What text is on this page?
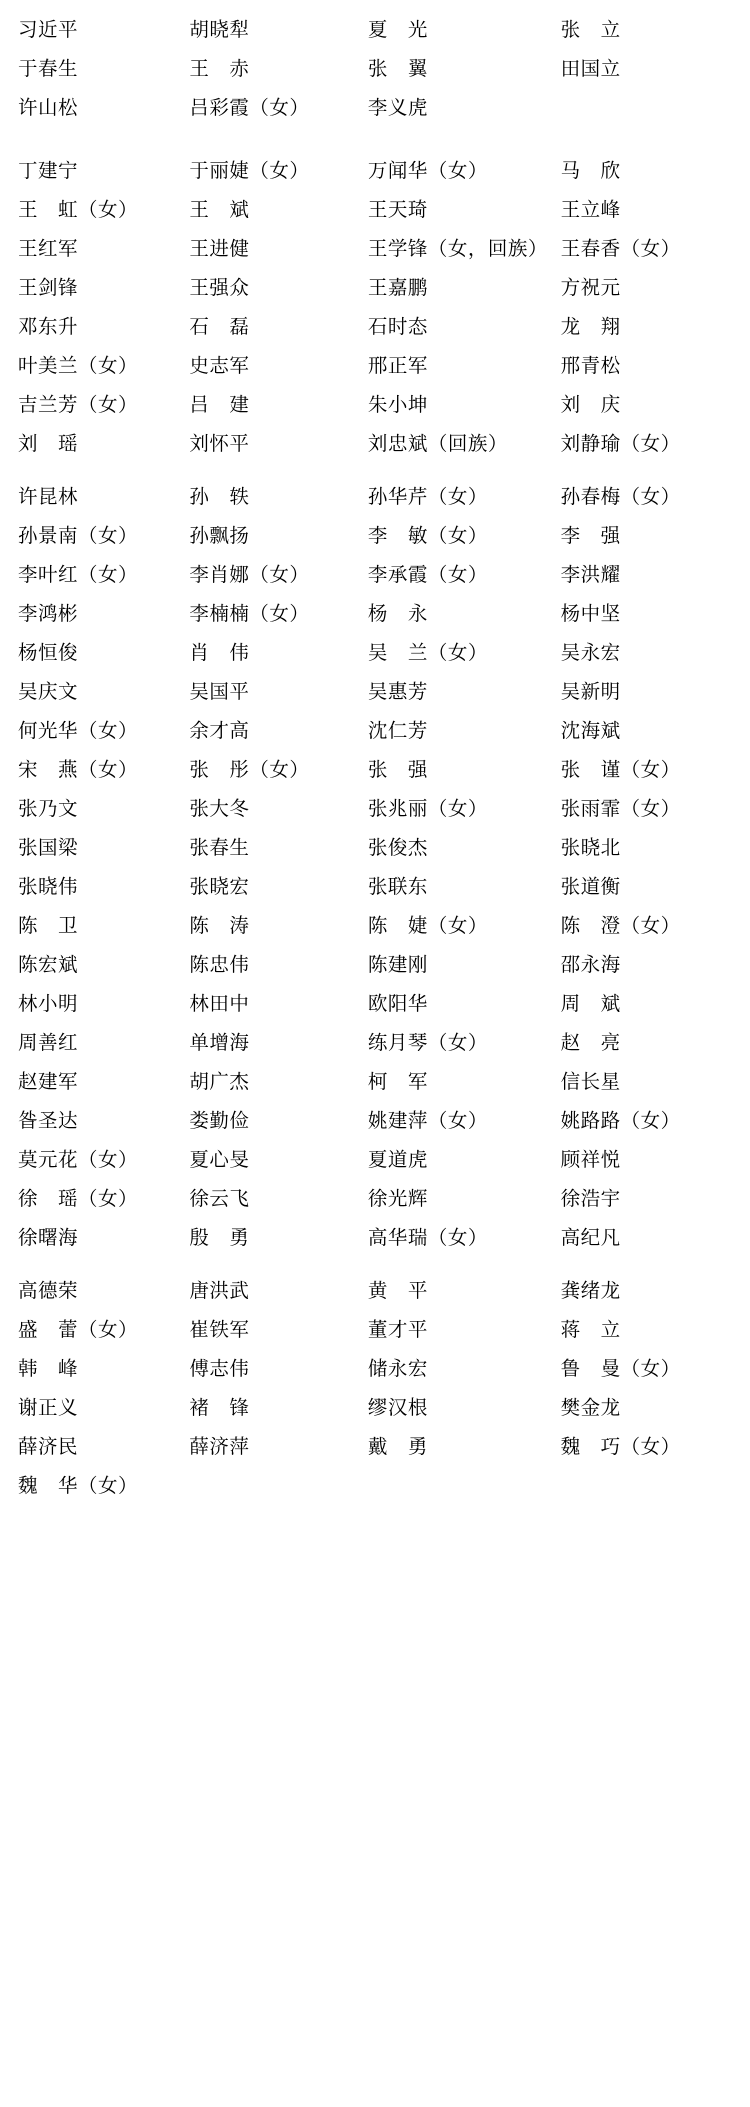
习近平	胡晓犁	夏　光	张　立
于春生	王　赤	张　翼	田国立
许山松	吕彩霞（女）	李义虎	

丁建宁	于丽婕（女）	万闻华（女）	马　欣
王　虹（女）	王　斌	王天琦	王立峰
王红军	王进健	王学锋（女，回族）	王春香（女）
王剑锋	王强众	王嘉鹏	方祝元
邓东升	石　磊	石时态	龙　翔
叶美兰（女）	史志军	邢正军	邢青松
吉兰芳（女）	吕　建	朱小坤	刘　庆
刘　瑶	刘怀平	刘忠斌（回族）	刘静瑜（女）

许昆林	孙　轶	孙华芹（女）	孙春梅（女）
孙景南（女）	孙飘扬	李　敏（女）	李　强
李叶红（女）	李肖娜（女）	李承霞（女）	李洪耀
李鸿彬	李楠楠（女）	杨　永	杨中坚
杨恒俊	肖　伟	吴　兰（女）	吴永宏
吴庆文	吴国平	吴惠芳	吴新明
何光华（女）	余才高	沈仁芳	沈海斌
宋　燕（女）	张　彤（女）	张　强	张　谨（女）
张乃文	张大冬	张兆丽（女）	张雨霏（女）
张国梁	张春生	张俊杰	张晓北
张晓伟	张晓宏	张联东	张道衡
陈　卫	陈　涛	陈　婕（女）	陈　澄（女）
陈宏斌	陈忠伟	陈建刚	邵永海
林小明	林田中	欧阳华	周　斌
周善红	单增海	练月琴（女）	赵　亮
赵建军	胡广杰	柯　军	信长星
昝圣达	娄勤俭	姚建萍（女）	姚路路（女）
莫元花（女）	夏心旻	夏道虎	顾祥悦
徐　瑶（女）	徐云飞	徐光辉	徐浩宇
徐曙海	殷　勇	高华瑞（女）	高纪凡

高德荣	唐洪武	黄　平	龚绪龙
盛　蕾（女）	崔铁军	董才平	蒋　立
韩　峰	傅志伟	储永宏	鲁　曼（女）
谢正义	褚　锋	缪汉根	樊金龙
薛济民	薛济萍	戴　勇	魏　巧（女）
魏　华（女）			
